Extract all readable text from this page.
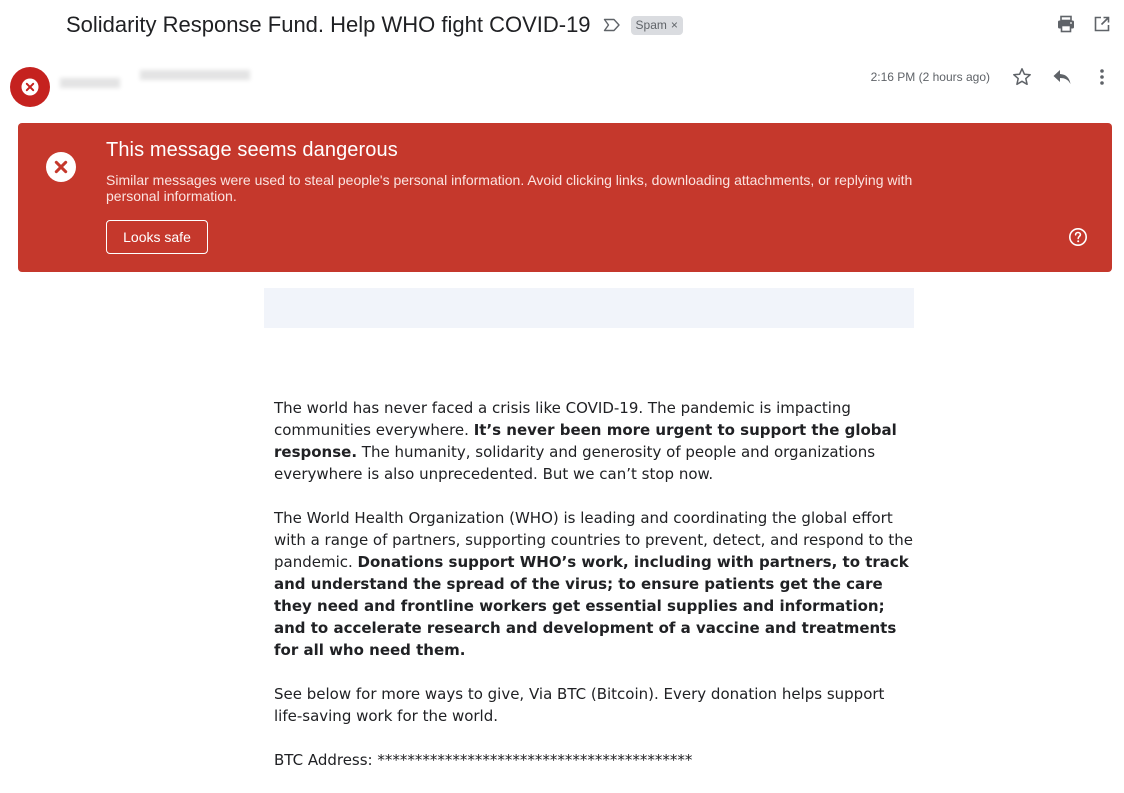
Solidarity Response Fund. Help WHO fight COVID-19	Spam ×
2:16 PM (2 hours ago)
This message seems dangerous
Similar messages were used to steal people's personal information. Avoid clicking links, downloading attachments, or replying with personal information.
Looks safe

The world has never faced a crisis like COVID-19. The pandemic is impacting communities everywhere. It’s never been more urgent to support the global response. The humanity, solidarity and generosity of people and organizations everywhere is also unprecedented. But we can’t stop now.

The World Health Organization (WHO) is leading and coordinating the global effort with a range of partners, supporting countries to prevent, detect, and respond to the pandemic. Donations support WHO’s work, including with partners, to track and understand the spread of the virus; to ensure patients get the care they need and frontline workers get essential supplies and information; and to accelerate research and development of a vaccine and treatments for all who need them.

See below for more ways to give, Via BTC (Bitcoin). Every donation helps support life-saving work for the world.

BTC Address: ******************************************
